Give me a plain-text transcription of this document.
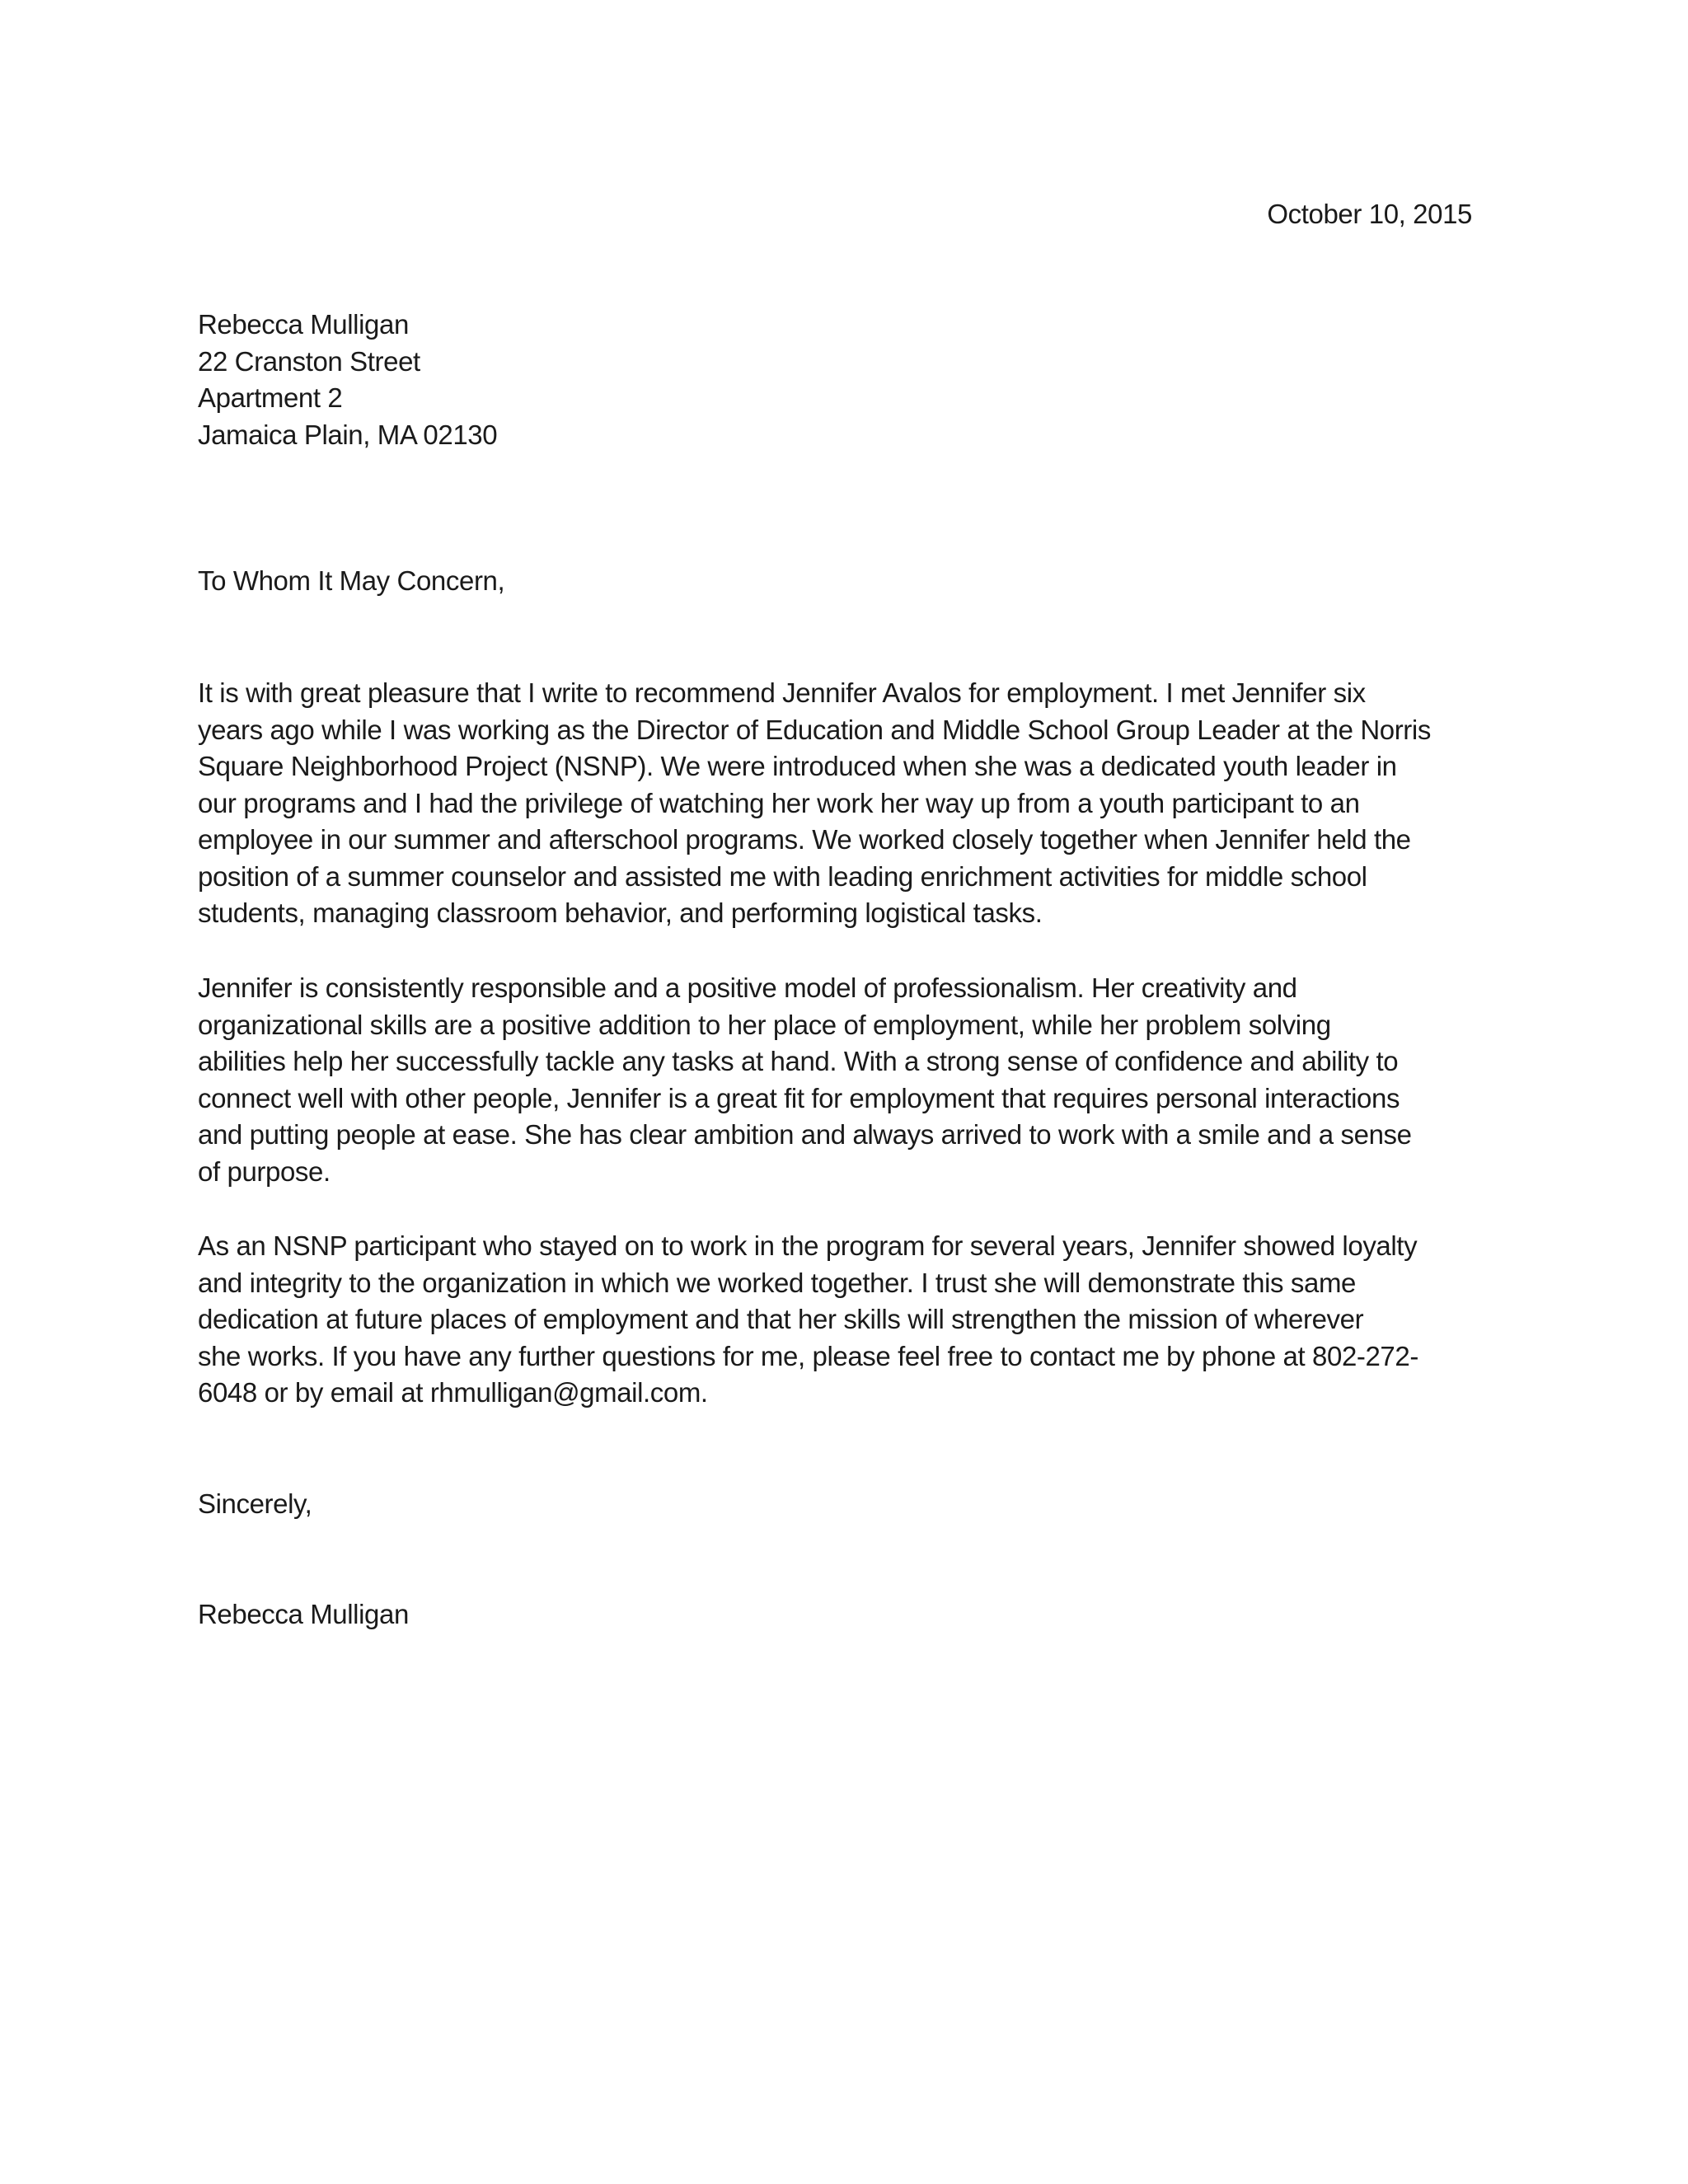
October 10, 2015

Rebecca Mulligan
22 Cranston Street
Apartment 2
Jamaica Plain, MA 02130

To Whom It May Concern,

It is with great pleasure that I write to recommend Jennifer Avalos for employment. I met Jennifer six
years ago while I was working as the Director of Education and Middle School Group Leader at the Norris
Square Neighborhood Project (NSNP). We were introduced when she was a dedicated youth leader in
our programs and I had the privilege of watching her work her way up from a youth participant to an
employee in our summer and afterschool programs. We worked closely together when Jennifer held the
position of a summer counselor and assisted me with leading enrichment activities for middle school
students, managing classroom behavior, and performing logistical tasks.
Jennifer is consistently responsible and a positive model of professionalism. Her creativity and
organizational skills are a positive addition to her place of employment, while her problem solving
abilities help her successfully tackle any tasks at hand. With a strong sense of confidence and ability to
connect well with other people, Jennifer is a great fit for employment that requires personal interactions
and putting people at ease. She has clear ambition and always arrived to work with a smile and a sense
of purpose.
As an NSNP participant who stayed on to work in the program for several years, Jennifer showed loyalty
and integrity to the organization in which we worked together. I trust she will demonstrate this same
dedication at future places of employment and that her skills will strengthen the mission of wherever
she works. If you have any further questions for me, please feel free to contact me by phone at 802-272-
6048 or by email at rhmulligan@gmail.com.

Sincerely,

Rebecca Mulligan
